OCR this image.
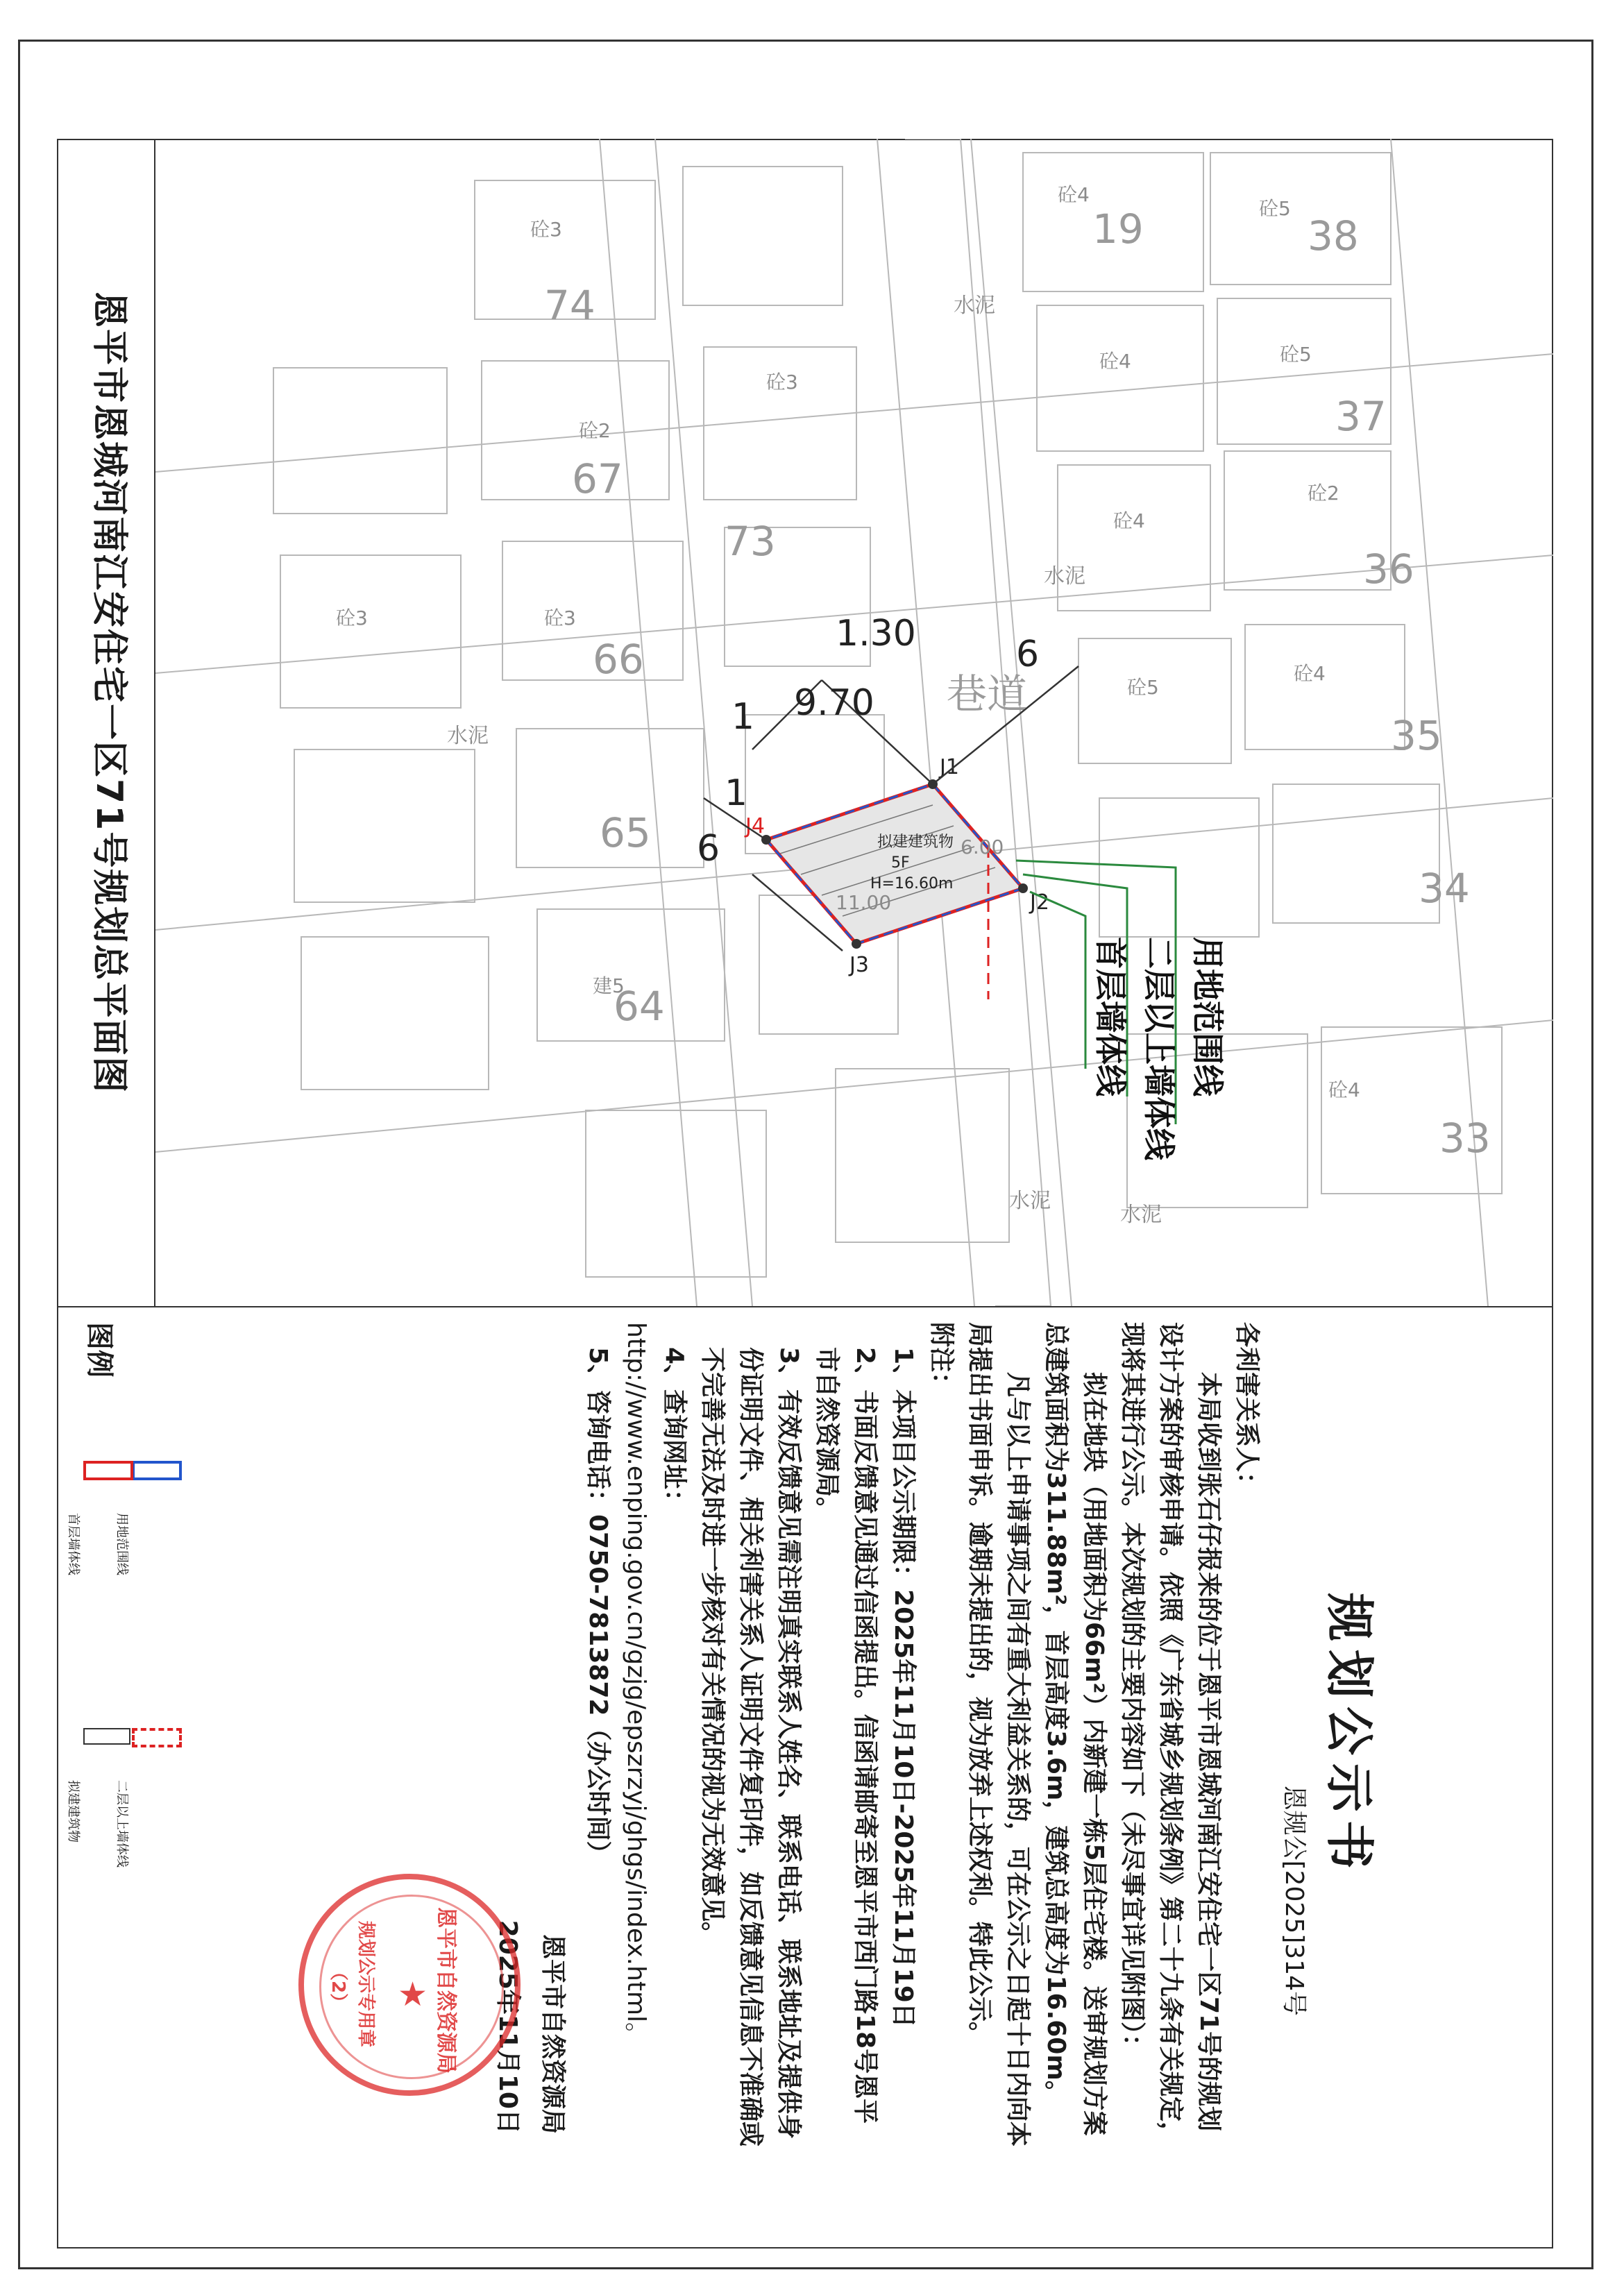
恩平市恩城河南江安住宅一区71号规划总平面图
19
74
38
37
67
36
66
35
65
34
64
33
73
砼4
砼3
砼5
砼2
砼3
砼4	砼5
砼4
砼3
砼2
砼5
砼4
砼3
建5
砼4
水泥
水泥
水泥
水泥
水泥
巷道
拟建建筑物
5F
H=16.60m
J1
J2
J3
J4
1.30	6
9.70
1
6
1
6.00
11.00
首层墙体线 二层以上墙体线 用地范围线
图例
用地范围线
首层墙体线
二层以上墙体线
拟建建筑物	规划公示书
恩规公[2025]314号

各利害关系人：

本局收到张石仔报来的位于恩平市恩城河南江安住宅一区71号的规划设计方案的审核申请。依照《广东省城乡规划条例》第二十九条有关规定，现将其进行公示。本次规划的主要内容如下（未尽事宜详见附图）：

拟在地块（用地面积为66m²）内新建一栋5层住宅楼。送审规划方案总建筑面积为311.88m²，首层高度3.6m，建筑总高度为16.60m。

凡与以上申请事项之间有重大利益关系的，可在公示之日起十日内向本局提出书面申诉。逾期未提出的，视为放弃上述权利。特此公示。

附注：

1、本项目公示期限：2025年11月10日-2025年11月19日

2、书面反馈意见通过信函提出。信函请邮寄至恩平市西门路18号恩平市自然资源局。

3、有效反馈意见需注明真实联系人姓名、联系电话、联系地址及提供身份证明文件、相关利害关系人证明文件复印件，如反馈意见信息不准确或不完善无法及时进一步核对有关情况的视为无效意见。

4、查询网址：

http://www.enping.gov.cn/gzjg/epszrzyj/ghgs/index.html。

5、咨询电话：0750-7813872（办公时间）

恩平市自然资源局
2025年11月10日
★ 恩平市自然资源局
规划公示专用章
（2）
